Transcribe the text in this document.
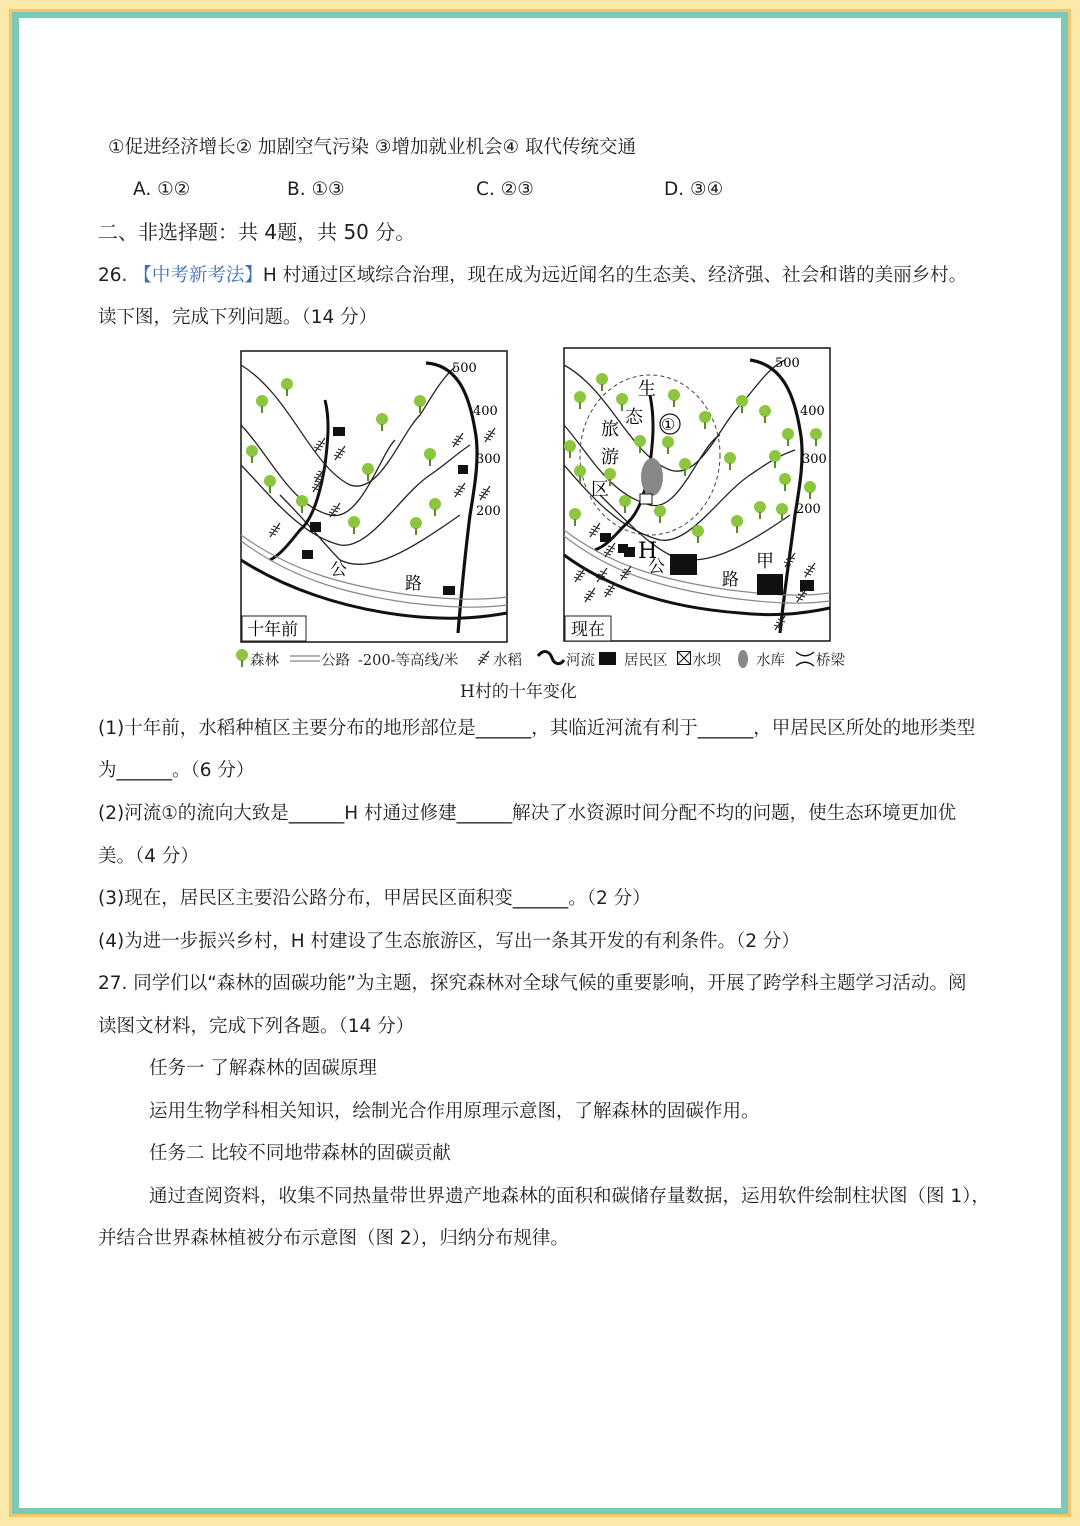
①促进经济增长② 加剧空气污染 ③增加就业机会④ 取代传统交通
A. ①②	B. ①③	C. ②③	D. ③④
二、非选择题：共 4题，共 50 分。
26. 【中考新考法】H 村通过区域综合治理，现在成为远近闻名的生态美、经济强、社会和谐的美丽乡村。
读下图，完成下列问题。（14 分）
500
400
300
200
公
路
十年前
500
400
300
200
生
态
旅
游
区
①
H	甲
公
路
现在
森林	公路 -200-等高线/米 水稻	河流 居民区 水坝 水库 桥梁
H村的十年变化
(1)十年前，水稻种植区主要分布的地形部位是______，其临近河流有利于______，甲居民区所处的地形类型
为______。（6 分）
(2)河流①的流向大致是______H 村通过修建______解决了水资源时间分配不均的问题，使生态环境更加优
美。（4 分）
(3)现在，居民区主要沿公路分布，甲居民区面积变______。（2 分）
(4)为进一步振兴乡村，H 村建设了生态旅游区，写出一条其开发的有利条件。（2 分）
27. 同学们以“森林的固碳功能”为主题，探究森林对全球气候的重要影响，开展了跨学科主题学习活动。阅
读图文材料，完成下列各题。（14 分）
任务一 了解森林的固碳原理
运用生物学科相关知识，绘制光合作用原理示意图，了解森林的固碳作用。
任务二 比较不同地带森林的固碳贡献
通过查阅资料，收集不同热量带世界遗产地森林的面积和碳储存量数据，运用软件绘制柱状图（图 1），
并结合世界森林植被分布示意图（图 2），归纳分布规律。
